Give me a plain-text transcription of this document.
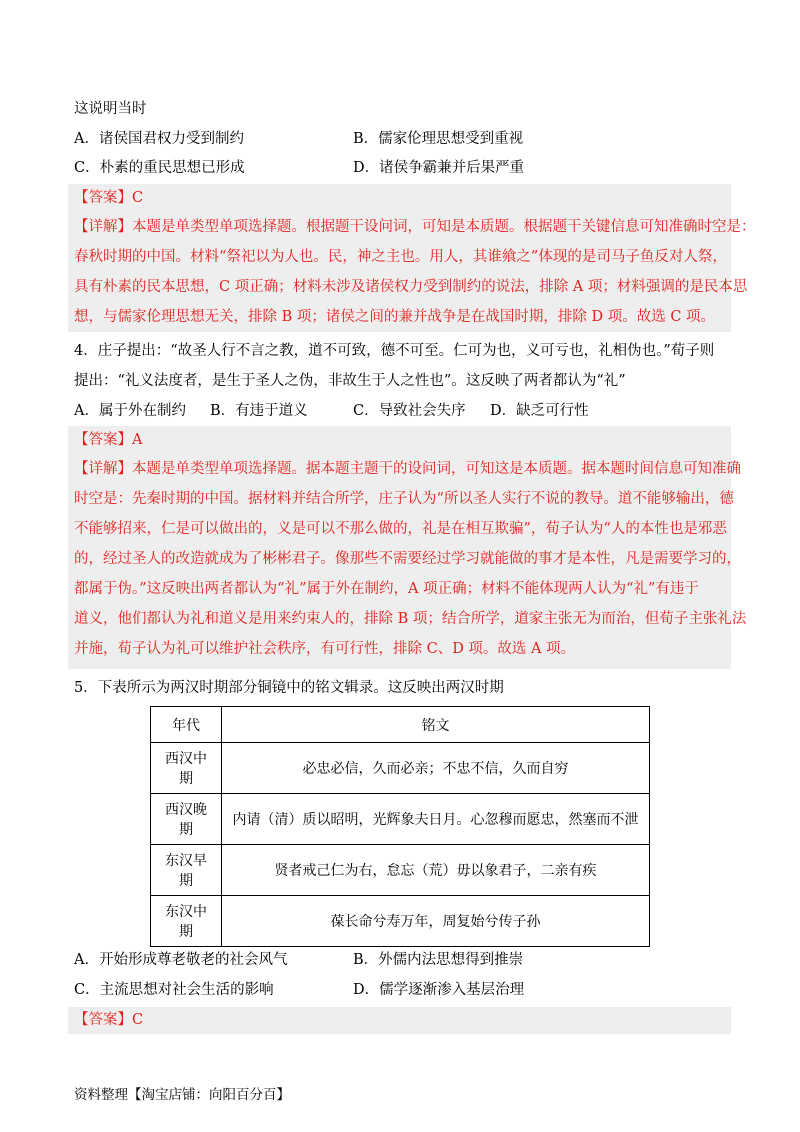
这说明当时
A．诸侯国君权力受到制约	B．儒家伦理思想受到重视
C．朴素的重民思想已形成	D．诸侯争霸兼并后果严重
【答案】C
【详解】本题是单类型单项选择题。根据题干设问词，可知是本质题。根据题干关键信息可知准确时空是：
春秋时期的中国。材料“祭祀以为人也。民，神之主也。用人，其谁飨之”体现的是司马子鱼反对人祭，
具有朴素的民本思想，C 项正确；材料未涉及诸侯权力受到制约的说法，排除 A 项；材料强调的是民本思
想，与儒家伦理思想无关，排除 B 项；诸侯之间的兼并战争是在战国时期，排除 D 项。故选 C 项。
4．庄子提出：“故圣人行不言之教，道不可致，德不可至。仁可为也，义可亏也，礼相伪也。”荀子则
提出：“礼义法度者，是生于圣人之伪，非故生于人之性也”。这反映了两者都认为“礼”
A．属于外在制约 B．有违于道义	C．导致社会失序 D．缺乏可行性
【答案】A
【详解】本题是单类型单项选择题。据本题主题干的设问词，可知这是本质题。据本题时间信息可知准确
时空是：先秦时期的中国。据材料并结合所学，庄子认为“所以圣人实行不说的教导。道不能够输出，德
不能够招来，仁是可以做出的，义是可以不那么做的，礼是在相互欺骗”，荀子认为“人的本性也是邪恶
的，经过圣人的改造就成为了彬彬君子。像那些不需要经过学习就能做的事才是本性，凡是需要学习的，
都属于伪。”这反映出两者都认为“礼”属于外在制约，A 项正确；材料不能体现两人认为“礼”有违于
道义，他们都认为礼和道义是用来约束人的，排除 B 项；结合所学，道家主张无为而治，但荀子主张礼法
并施，荀子认为礼可以维护社会秩序，有可行性，排除 C、D 项。故选 A 项。
5．下表所示为两汉时期部分铜镜中的铭文辑录。这反映出两汉时期
年代	铭文
西汉中
期	必忠必信，久而必亲；不忠不信，久而自穷
西汉晚
期	内请（清）质以昭明，光辉象夫日月。心忽穆而愿忠，然塞而不泄
东汉早
期	贤者戒己仁为右，怠忘（荒）毋以象君子，二亲有疾
东汉中
期	葆长命兮寿万年，周复始兮传子孙
A．开始形成尊老敬老的社会风气	B．外儒内法思想得到推崇
C．主流思想对社会生活的影响	D．儒学逐渐渗入基层治理
【答案】C
资料整理【淘宝店铺：向阳百分百】
